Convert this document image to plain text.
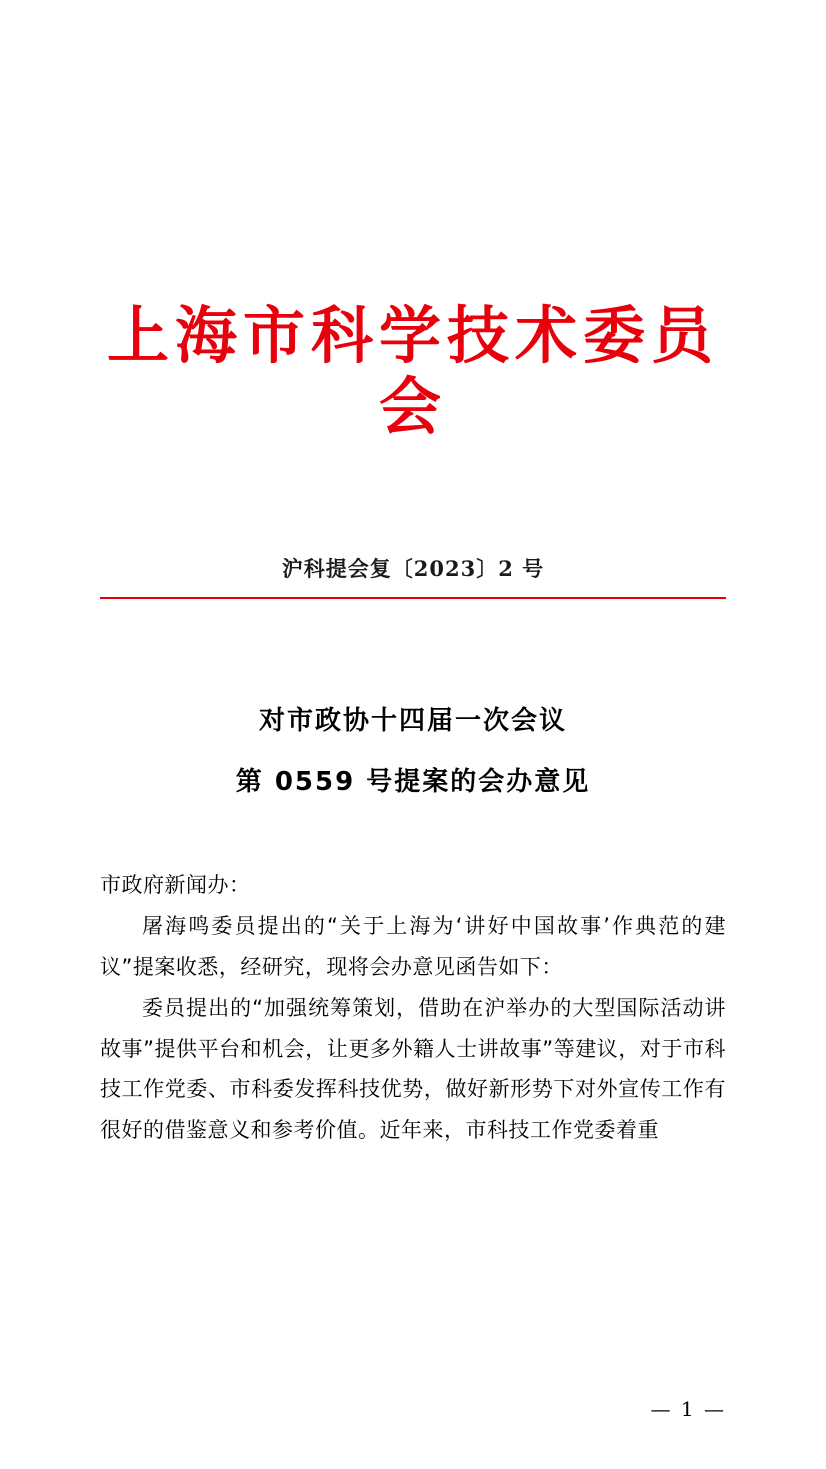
上海市科学技术委员会
沪科提会复〔2023〕2 号
对市政协十四届一次会议
第 0559 号提案的会办意见
市政府新闻办：
屠海鸣委员提出的“关于上海为‘讲好中国故事’作典范的建议”提案收悉，经研究，现将会办意见函告如下：
委员提出的“加强统筹策划，借助在沪举办的大型国际活动讲故事”提供平台和机会，让更多外籍人士讲故事”等建议，对于市科技工作党委、市科委发挥科技优势，做好新形势下对外宣传工作有很好的借鉴意义和参考价值。近年来，市科技工作党委着重
— 1 —
